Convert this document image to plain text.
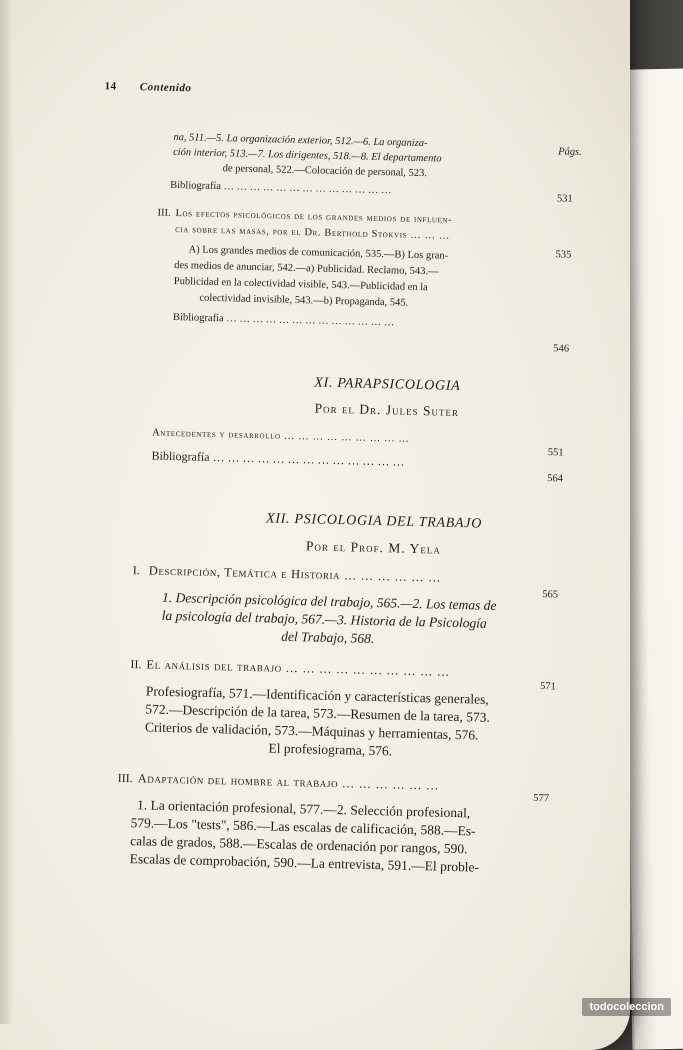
14 Contenido
na, 511.—5. La organización exterior, 512.—6. La organiza-
ción interior, 513.—7. Los dirigentes, 518.—8. El departamento
de personal, 522.—Colocación de personal, 523.
Págs.
Bibliografía … … … … … … … … … … … … …
531
III. Los efectos psicológicos de los grandes medios de influen-
cia sobre las masas, por el Dr. Berthold Stokvis … … …
535
A) Los grandes medios de comunicación, 535.—B) Los gran-
des medios de anunciar, 542.—a) Publicidad. Reclamo, 543.—
Publicidad en la colectividad visible, 543.—Publicidad en la
colectividad invisible, 543.—b) Propaganda, 545.
Bibliografía … … … … … … … … … … … … …
546
XI. PARAPSICOLOGIA
Por el Dr. Jules Suter
Antecedentes y desarrollo … … … … … … … … …
551
Bibliografía … … … … … … … … … … … … …
564
XII. PSICOLOGIA DEL TRABAJO
Por el Prof. M. Yela
I. Descripción, Temática e Historia … … … … … …
565
1. Descripción psicológica del trabajo, 565.—2. Los temas de
la psicología del trabajo, 567.—3. Historia de la Psicología
del Trabajo, 568.
II. El análisis del trabajo … … … … … … … … … …
571
Profesiografía, 571.—Identificación y características generales,
572.—Descripción de la tarea, 573.—Resumen de la tarea, 573.
Criterios de validación, 573.—Máquinas y herramientas, 576.
El profesiograma, 576.
III. Adaptación del hombre al trabajo … … … … … …
577
1. La orientación profesional, 577.—2. Selección profesional,
579.—Los "tests", 586.—Las escalas de calificación, 588.—Es-
calas de grados, 588.—Escalas de ordenación por rangos, 590.
Escalas de comprobación, 590.—La entrevista, 591.—El proble-
todocoleccion
